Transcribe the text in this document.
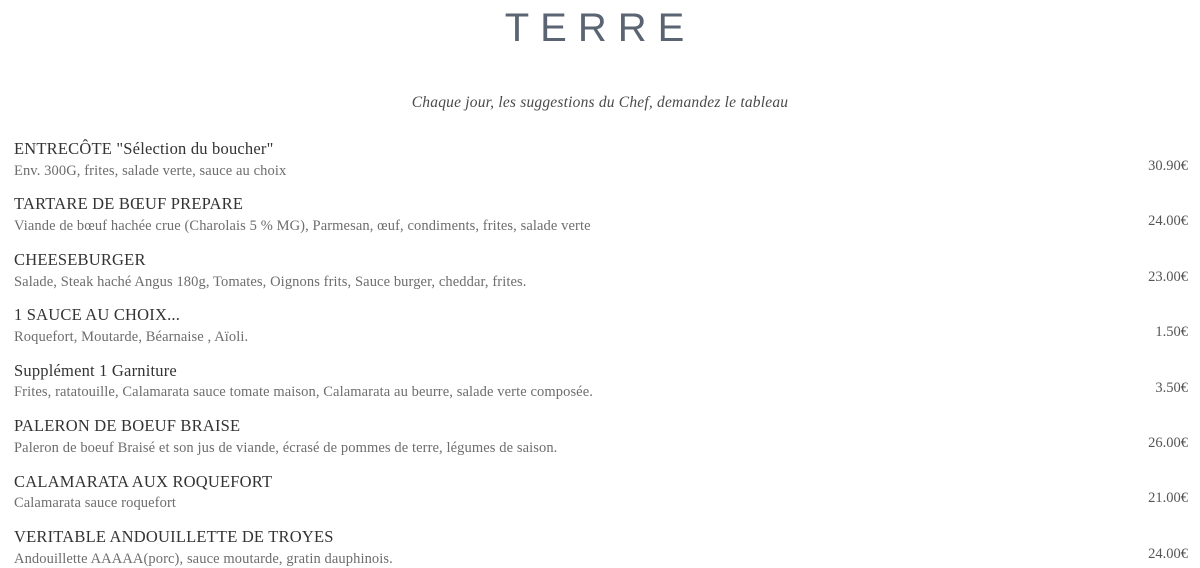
TERRE

Chaque jour, les suggestions du Chef, demandez le tableau

ENTRECÔTE "Sélection du boucher"
Env. 300G, frites, salade verte, sauce au choix	30.90€
TARTARE DE BŒUF PREPARE
Viande de bœuf hachée crue (Charolais 5 % MG), Parmesan, œuf, condiments, frites, salade verte	24.00€
CHEESEBURGER
Salade, Steak haché Angus 180g, Tomates, Oignons frits, Sauce burger, cheddar, frites.	23.00€
1 SAUCE AU CHOIX...
Roquefort, Moutarde, Béarnaise , Aïoli.	1.50€
Supplément 1 Garniture
Frites, ratatouille, Calamarata sauce tomate maison, Calamarata au beurre, salade verte composée.	3.50€
PALERON DE BOEUF BRAISE
Paleron de boeuf Braisé et son jus de viande, écrasé de pommes de terre, légumes de saison.	26.00€
CALAMARATA AUX ROQUEFORT
Calamarata sauce roquefort	21.00€
VERITABLE ANDOUILLETTE DE TROYES
Andouillette AAAAA(porc), sauce moutarde, gratin dauphinois.	24.00€
